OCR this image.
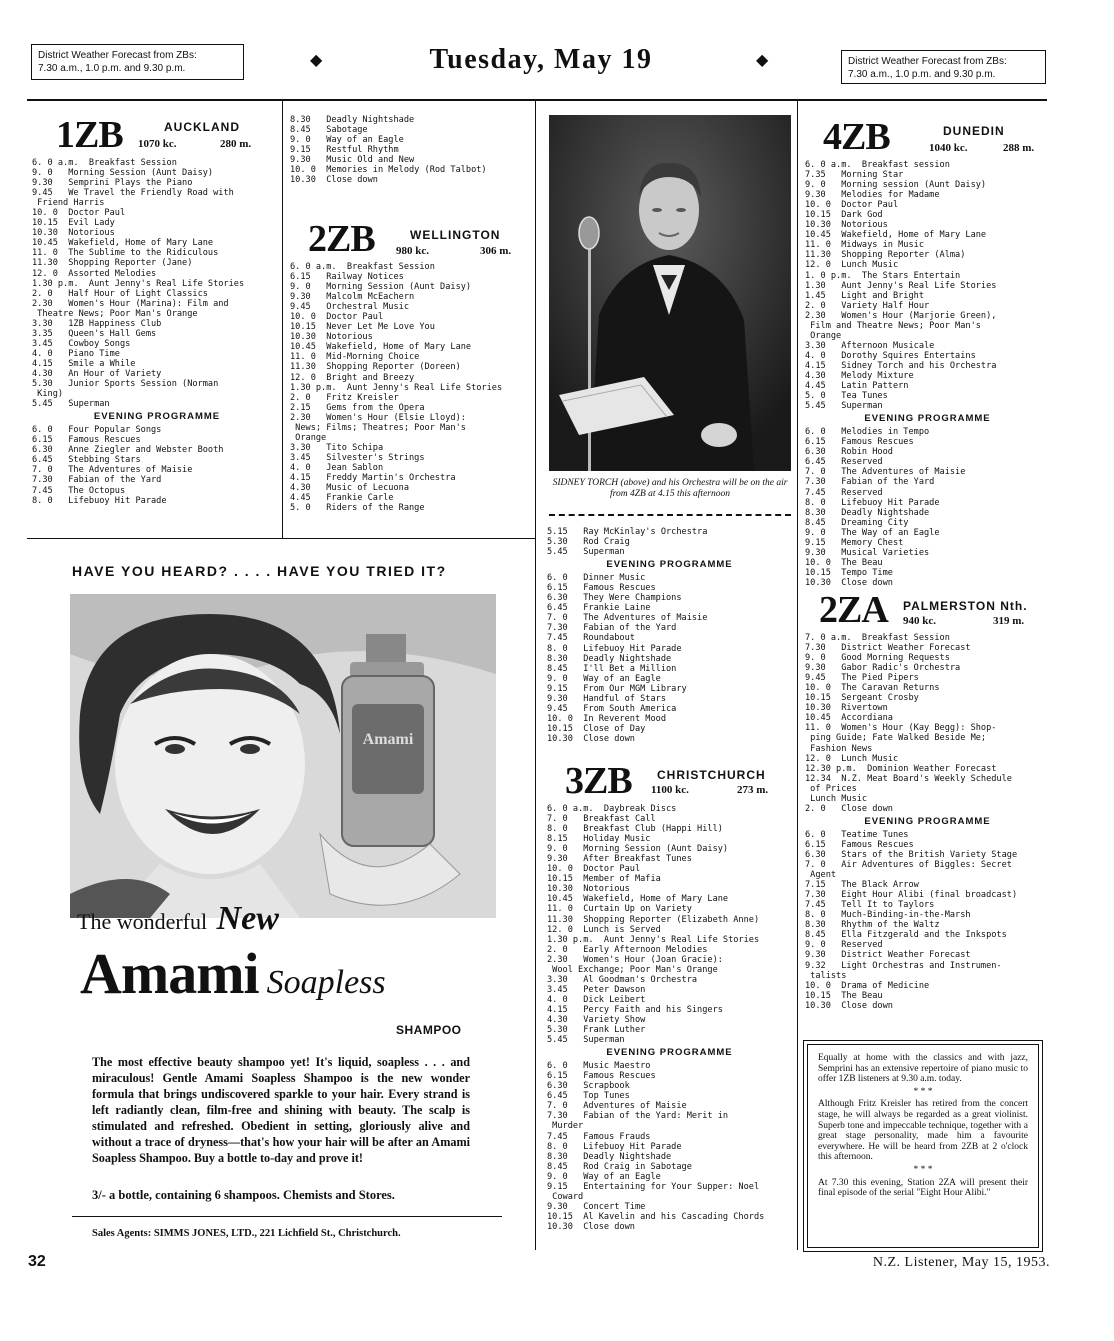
District Weather Forecast from ZBs:
7.30 a.m., 1.0 p.m. and 9.30 p.m.	◆	Tuesday, May 19	◆	District Weather Forecast from ZBs:
7.30 a.m., 1.0 p.m. and 9.30 p.m.
1ZB	AUCKLAND
1070 kc.	280 m.
6. 0 a.m.  Breakfast Session
9. 0   Morning Session (Aunt Daisy)
9.30   Semprini Plays the Piano
9.45   We Travel the Friendly Road with
Friend Harris
10. 0  Doctor Paul
10.15  Evil Lady
10.30  Notorious
10.45  Wakefield, Home of Mary Lane
11. 0  The Sublime to the Ridiculous
11.30  Shopping Reporter (Jane)
12. 0  Assorted Melodies
1.30 p.m.  Aunt Jenny's Real Life Stories
2. 0   Half Hour of Light Classics
2.30   Women's Hour (Marina): Film and
Theatre News; Poor Man's Orange
3.30   1ZB Happiness Club
3.35   Queen's Hall Gems
3.45   Cowboy Songs
4. 0   Piano Time
4.15   Smile a While
4.30   An Hour of Variety
5.30   Junior Sports Session (Norman
King)
5.45   Superman
EVENING PROGRAMME
6. 0   Four Popular Songs
6.15   Famous Rescues
6.30   Anne Ziegler and Webster Booth
6.45   Stebbing Stars
7. 0   The Adventures of Maisie
7.30   Fabian of the Yard
7.45   The Octopus
8. 0   Lifebuoy Hit Parade
8.30   Deadly Nightshade
8.45   Sabotage
9. 0   Way of an Eagle
9.15   Restful Rhythm
9.30   Music Old and New
10. 0  Memories in Melody (Rod Talbot)
10.30  Close down
2ZB	WELLINGTON
980 kc.	306 m.
6. 0 a.m.  Breakfast Session
6.15   Railway Notices
9. 0   Morning Session (Aunt Daisy)
9.30   Malcolm McEachern
9.45   Orchestral Music
10. 0  Doctor Paul
10.15  Never Let Me Love You
10.30  Notorious
10.45  Wakefield, Home of Mary Lane
11. 0  Mid-Morning Choice
11.30  Shopping Reporter (Doreen)
12. 0  Bright and Breezy
1.30 p.m.  Aunt Jenny's Real Life Stories
2. 0   Fritz Kreisler
2.15   Gems from the Opera
2.30   Women's Hour (Elsie Lloyd):
News; Films; Theatres; Poor Man's
Orange
3.30   Tito Schipa
3.45   Silvester's Strings
4. 0   Jean Sablon
4.15   Freddy Martin's Orchestra
4.30   Music of Lecuona
4.45   Frankie Carle
5. 0   Riders of the Range
SIDNEY TORCH (above) and his Orchestra will be on the air from 4ZB at 4.15 this afternoon
5.15   Ray McKinlay's Orchestra
5.30   Rod Craig
5.45   Superman
EVENING PROGRAMME
6. 0   Dinner Music
6.15   Famous Rescues
6.30   They Were Champions
6.45   Frankie Laine
7. 0   The Adventures of Maisie
7.30   Fabian of the Yard
7.45   Roundabout
8. 0   Lifebuoy Hit Parade
8.30   Deadly Nightshade
8.45   I'll Bet a Million
9. 0   Way of an Eagle
9.15   From Our MGM Library
9.30   Handful of Stars
9.45   From South America
10. 0  In Reverent Mood
10.15  Close of Day
10.30  Close down
3ZB CHRISTCHURCH
1100 kc.	273 m.
6. 0 a.m.  Daybreak Discs
7. 0   Breakfast Call
8. 0   Breakfast Club (Happi Hill)
8.15   Holiday Music
9. 0   Morning Session (Aunt Daisy)
9.30   After Breakfast Tunes
10. 0  Doctor Paul
10.15  Member of Mafia
10.30  Notorious
10.45  Wakefield, Home of Mary Lane
11. 0  Curtain Up on Variety
11.30  Shopping Reporter (Elizabeth Anne)
12. 0  Lunch is Served
1.30 p.m.  Aunt Jenny's Real Life Stories
2. 0   Early Afternoon Melodies
2.30   Women's Hour (Joan Gracie):
Wool Exchange; Poor Man's Orange
3.30   Al Goodman's Orchestra
3.45   Peter Dawson
4. 0   Dick Leibert
4.15   Percy Faith and his Singers
4.30   Variety Show
5.30   Frank Luther
5.45   Superman
EVENING PROGRAMME
6. 0   Music Maestro
6.15   Famous Rescues
6.30   Scrapbook
6.45   Top Tunes
7. 0   Adventures of Maisie
7.30   Fabian of the Yard: Merit in
Murder
7.45   Famous Frauds
8. 0   Lifebuoy Hit Parade
8.30   Deadly Nightshade
8.45   Rod Craig in Sabotage
9. 0   Way of an Eagle
9.15   Entertaining for Your Supper: Noel
Coward
9.30   Concert Time
10.15  Al Kavelin and his Cascading Chords
10.30  Close down
4ZB	DUNEDIN
1040 kc.	288 m.
6. 0 a.m.  Breakfast session
7.35   Morning Star
9. 0   Morning session (Aunt Daisy)
9.30   Melodies for Madame
10. 0  Doctor Paul
10.15  Dark God
10.30  Notorious
10.45  Wakefield, Home of Mary Lane
11. 0  Midways in Music
11.30  Shopping Reporter (Alma)
12. 0  Lunch Music
1. 0 p.m.  The Stars Entertain
1.30   Aunt Jenny's Real Life Stories
1.45   Light and Bright
2. 0   Variety Half Hour
2.30   Women's Hour (Marjorie Green),
Film and Theatre News; Poor Man's
Orange
3.30   Afternoon Musicale
4. 0   Dorothy Squires Entertains
4.15   Sidney Torch and his Orchestra
4.30   Melody Mixture
4.45   Latin Pattern
5. 0   Tea Tunes
5.45   Superman
EVENING PROGRAMME
6. 0   Melodies in Tempo
6.15   Famous Rescues
6.30   Robin Hood
6.45   Reserved
7. 0   The Adventures of Maisie
7.30   Fabian of the Yard
7.45   Reserved
8. 0   Lifebuoy Hit Parade
8.30   Deadly Nightshade
8.45   Dreaming City
9. 0   The Way of an Eagle
9.15   Memory Chest
9.30   Musical Varieties
10. 0  The Beau
10.15  Tempo Time
10.30  Close down
2ZA PALMERSTON Nth.
940 kc.	319 m.
7. 0 a.m.  Breakfast Session
7.30   District Weather Forecast
9. 0   Good Morning Requests
9.30   Gabor Radic's Orchestra
9.45   The Pied Pipers
10. 0  The Caravan Returns
10.15  Sergeant Crosby
10.30  Rivertown
10.45  Accordiana
11. 0  Women's Hour (Kay Begg): Shop-
ping Guide; Fate Walked Beside Me;
Fashion News
12. 0  Lunch Music
12.30 p.m.  Dominion Weather Forecast
12.34  N.Z. Meat Board's Weekly Schedule
of Prices
Lunch Music
2. 0   Close down
EVENING PROGRAMME
6. 0   Teatime Tunes
6.15   Famous Rescues
6.30   Stars of the British Variety Stage
7. 0   Air Adventures of Biggles: Secret
Agent
7.15   The Black Arrow
7.30   Eight Hour Alibi (final broadcast)
7.45   Tell It to Taylors
8. 0   Much-Binding-in-the-Marsh
8.30   Rhythm of the Waltz
8.45   Ella Fitzgerald and the Inkspots
9. 0   Reserved
9.30   District Weather Forecast
9.32   Light Orchestras and Instrumen-
talists
10. 0  Drama of Medicine
10.15  The Beau
10.30  Close down
Equally at home with the classics and with jazz, Semprini has an extensive repertoire of piano music to offer 1ZB listeners at 9.30 a.m. today.
* * *
Although Fritz Kreisler has retired from the concert stage, he will always be regarded as a great violinist. Superb tone and impeccable technique, together with a great stage personality, made him a favourite everywhere. He will be heard from 2ZB at 2 o'clock this afternoon.
* * *
At 7.30 this evening, Station 2ZA will present their final episode of the serial "Eight Hour Alibi."
HAVE YOU HEARD? . . . . HAVE YOU TRIED IT?
Amami
The wonderful New
Amami Soapless
SHAMPOO
The most effective beauty shampoo yet! It's liquid, soapless . . . and miraculous! Gentle Amami Soapless Shampoo is the new wonder formula that brings undiscovered sparkle to your hair. Every strand is left radiantly clean, film-free and shining with beauty. The scalp is stimulated and refreshed. Obedient in setting, gloriously alive and without a trace of dryness—that's how your hair will be after an Amami Soapless Shampoo. Buy a bottle to-day and prove it!
3/- a bottle, containing 6 shampoos. Chemists and Stores.
Sales Agents: SIMMS JONES, LTD., 221 Lichfield St., Christchurch.
32	N.Z. Listener, May 15, 1953.
